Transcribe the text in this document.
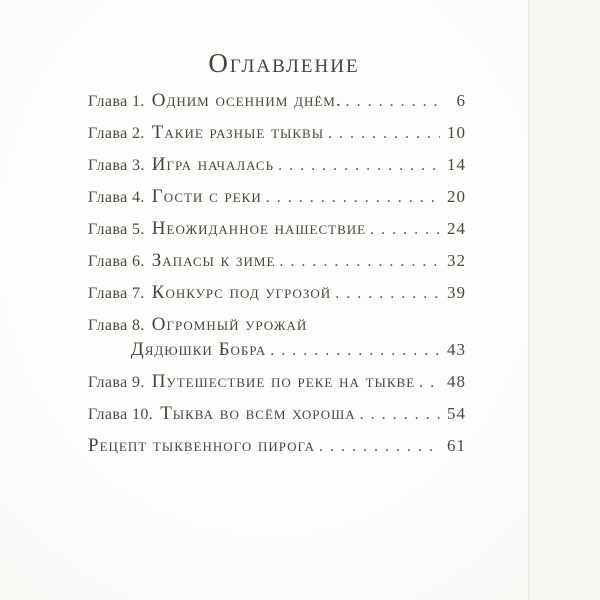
Оглавление
Глава 1. Одним осенним днём. . . .	6
Глава 2. Такие разные тыквы . . .	10
Глава 3. Игра началась . . .	14
Глава 4. Гости с реки . . .	20
Глава 5. Неожиданное нашествие . . .	24
Глава 6. Запасы к зиме . . .	32
Глава 7. Конкурс под угрозой . . .	39
Глава 8. Огромный урожай
Дядюшки Бобра . . .	43
Глава 9. Путешествие по реке на тыкве . . . 48
Глава 10. Тыква во всём хороша . . .	54
Рецепт тыквенного пирога . . .	61
